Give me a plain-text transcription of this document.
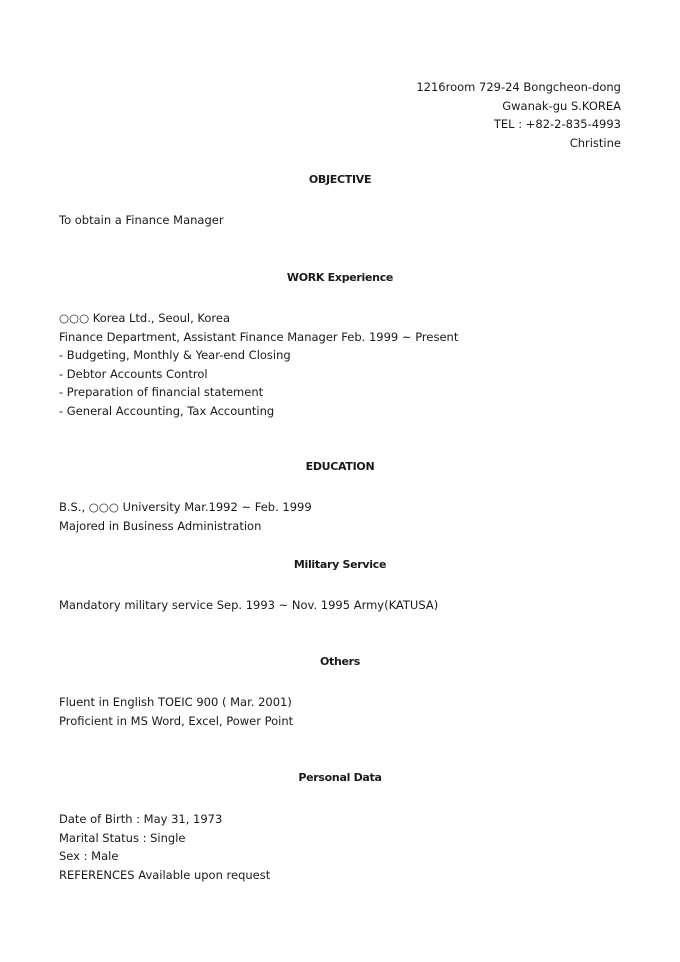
1216room 729-24 Bongcheon-dong
Gwanak-gu S.KOREA
TEL : +82-2-835-4993
Christine
OBJECTIVE
To obtain a Finance Manager
WORK Experience
○○○ Korea Ltd., Seoul, Korea
Finance Department, Assistant Finance Manager Feb. 1999 ~ Present
- Budgeting, Monthly & Year-end Closing
- Debtor Accounts Control
- Preparation of financial statement
- General Accounting, Tax Accounting
EDUCATION
B.S., ○○○ University Mar.1992 ~ Feb. 1999
Majored in Business Administration
Military Service
Mandatory military service Sep. 1993 ~ Nov. 1995 Army(KATUSA)
Others
Fluent in English TOEIC 900 ( Mar. 2001)
Proficient in MS Word, Excel, Power Point
Personal Data
Date of Birth : May 31, 1973
Marital Status : Single
Sex : Male
REFERENCES Available upon request
